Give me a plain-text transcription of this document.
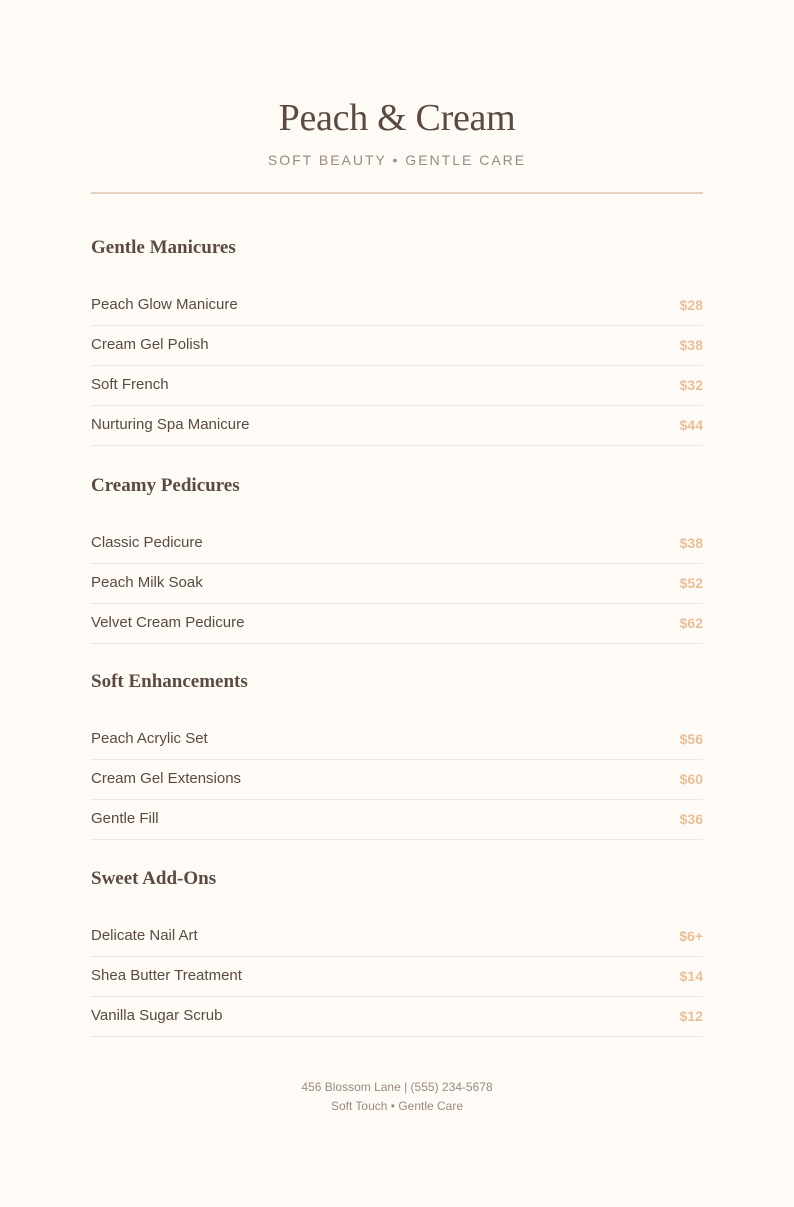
Peach & Cream
SOFT BEAUTY • GENTLE CARE
Gentle Manicures
Peach Glow Manicure	$28
Cream Gel Polish	$38
Soft French	$32
Nurturing Spa Manicure	$44
Creamy Pedicures
Classic Pedicure	$38
Peach Milk Soak	$52
Velvet Cream Pedicure	$62
Soft Enhancements
Peach Acrylic Set	$56
Cream Gel Extensions	$60
Gentle Fill	$36
Sweet Add-Ons
Delicate Nail Art	$6+
Shea Butter Treatment	$14
Vanilla Sugar Scrub	$12
456 Blossom Lane | (555) 234-5678
Soft Touch • Gentle Care
